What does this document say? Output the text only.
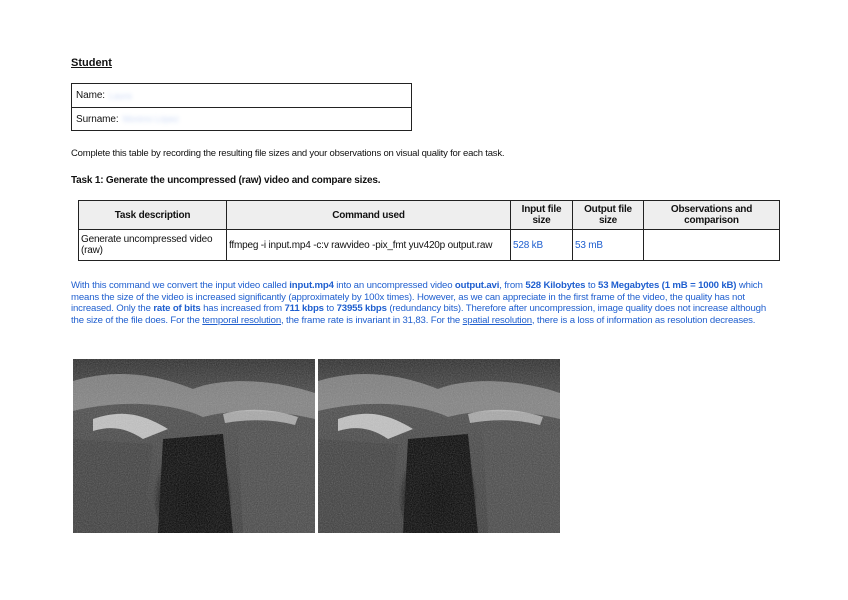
Student
Name: Laura
Surname: Moreno López
Complete this table by recording the resulting file sizes and your observations on visual quality for each task.
Task 1: Generate the uncompressed (raw) video and compare sizes.
Task description	Command used	Input file size	Output file size	Observations and comparison
Generate uncompressed video (raw)	ffmpeg -i input.mp4 -c:v rawvideo -pix_fmt yuv420p output.raw	528 kB	53 mB	
With this command we convert the input video called input.mp4 into an uncompressed video output.avi, from 528 Kilobytes to 53 Megabytes (1 mB = 1000 kB) which means the size of the video is increased significantly (approximately by 100x times). However, as we can appreciate in the first frame of the video, the quality has not increased. Only the rate of bits has increased from 711 kbps to 73955 kbps (redundancy bits). Therefore after uncompression, image quality does not increase although the size of the file does. For the temporal resolution, the frame rate is invariant in 31,83. For the spatial resolution, there is a loss of information as resolution decreases.
